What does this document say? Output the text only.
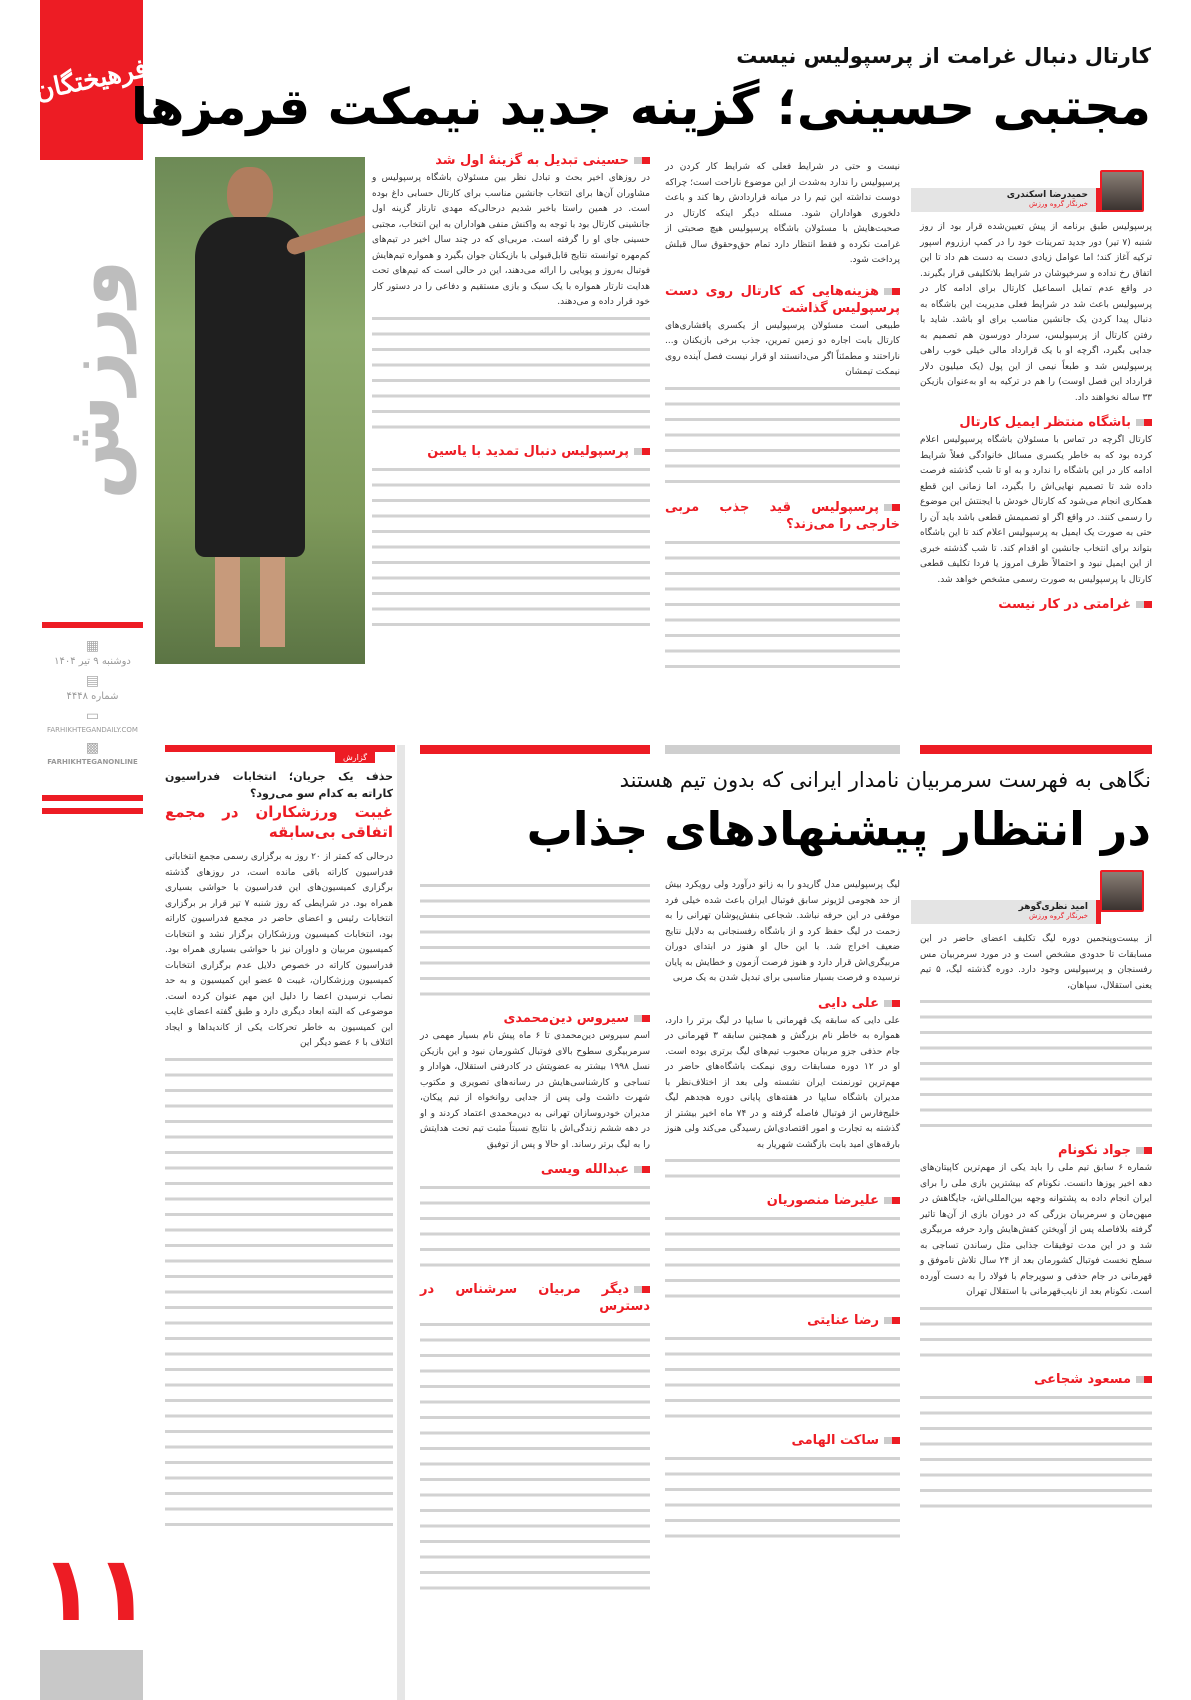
فرهیختگان
ورزش
▦
دوشنبه ۹ تیر ۱۴۰۴
▤
شماره ۴۴۴۸
▭
FARHIKHTEGANDAILY.COM
▩
FARHIKHTEGANONLINE
۱۱
کارتال دنبال غرامت از پرسپولیس نیست
مجتبی حسینی؛ گزینه جدید نیمکت قرمزها
حمیدرضا اسکندری
خبرنگار گروه ورزش

پرسپولیس طبق برنامه از پیش تعیین‌شده قرار بود از روز شنبه (۷ تیر) دور جدید تمرینات خود را در کمپ ارزروم اسپور ترکیه آغاز کند؛ اما عوامل زیادی دست به دست هم داد تا این اتفاق رخ نداده و سرخپوشان در شرایط بلاتکلیفی قرار بگیرند. در واقع عدم تمایل اسماعیل کارتال برای ادامه کار در پرسپولیس باعث شد در شرایط فعلی مدیریت این باشگاه به دنبال پیدا کردن یک جانشین مناسب برای او باشد. شاید با رفتن کارتال از پرسپولیس، سردار دورسون هم تصمیم به جدایی بگیرد، اگرچه او با یک قرارداد مالی خیلی خوب راهی پرسپولیس شد و طبعاً نیمی از این پول (یک میلیون دلار قرارداد این فصل اوست) را هم در ترکیه به او به‌عنوان بازیکن ۳۳ ساله نخواهند داد.

باشگاه منتظر ایمیل کارتال

کارتال اگرچه در تماس با مسئولان باشگاه پرسپولیس اعلام کرده بود که به خاطر یکسری مسائل خانوادگی فعلاً شرایط ادامه کار در این باشگاه را ندارد و به او تا شب گذشته فرصت داده شد تا تصمیم نهایی‌اش را بگیرد، اما زمانی این قطع همکاری انجام می‌شود که کارتال خودش با ایجنتش این موضوع را رسمی کنند. در واقع اگر او تصمیمش قطعی باشد باید آن را حتی به صورت یک ایمیل به پرسپولیس اعلام کند تا این باشگاه بتواند برای انتخاب جانشین او اقدام کند. تا شب گذشته خبری از این ایمیل نبود و احتمالاً ظرف امروز یا فردا تکلیف قطعی کارتال با پرسپولیس به صورت رسمی مشخص خواهد شد.

غرامتی در کار نیست

نیست و حتی در شرایط فعلی که شرایط کار کردن در پرسپولیس را ندارد به‌شدت از این موضوع ناراحت است؛ چراکه دوست نداشته این تیم را در میانه قراردادش رها کند و باعث دلخوری هواداران شود. مسئله دیگر اینکه کارتال در صحبت‌هایش با مسئولان باشگاه پرسپولیس هیچ صحبتی از غرامت نکرده و فقط انتظار دارد تمام حق‌وحقوق سال قبلش پرداخت شود.

هزینه‌هایی که کارتال روی دست پرسپولیس گذاشت

طبیعی است مسئولان پرسپولیس از یکسری پافشاری‌های کارتال بابت اجاره دو زمین تمرین، جذب برخی بازیکنان و... ناراحتند و مطمئناً اگر می‌دانستند او قرار نیست فصل آینده روی نیمکت تیمشان

پرسپولیس قید جذب مربی خارجی را می‌زند؟
حسینی تبدیل به گزینهٔ اول شد

در روزهای اخیر بحث و تبادل نظر بین مسئولان باشگاه پرسپولیس و مشاوران آن‌ها برای انتخاب جانشین مناسب برای کارتال حسابی داغ بوده است. در همین راستا باخبر شدیم درحالی‌که مهدی تارتار گزینه اول جانشینی کارتال بود با توجه به واکنش منفی هواداران به این انتخاب، مجتبی حسینی جای او را گرفته است. مربی‌ای که در چند سال اخیر در تیم‌های کم‌مهره توانسته نتایج قابل‌قبولی با بازیکنان جوان بگیرد و همواره تیم‌هایش فوتبال به‌روز و پویایی را ارائه می‌دهند، این در حالی است که تیم‌های تحت هدایت تارتار همواره با یک سبک و بازی مستقیم و دفاعی را در دستور کار خود قرار داده و می‌دهند.

پرسپولیس دنبال تمدید با یاسین
نگاهی به فهرست سرمربیان نامدار ایرانی که بدون تیم هستند
در انتظار پیشنهادهای جذاب
امید نظری‌گوهر
خبرنگار گروه ورزش

از بیست‌وپنجمین دوره لیگ تکلیف اعضای حاضر در این مسابقات تا حدودی مشخص است و در مورد سرمربیان مس رفسنجان و پرسپولیس وجود دارد. دوره گذشته لیگ، ۵ تیم یعنی استقلال، سپاهان،

جواد نکونام

شماره ۶ سابق تیم ملی را باید یکی از مهم‌ترین کاپیتان‌های دهه اخیر یوزها دانست. نکونام که بیشترین بازی ملی را برای ایران انجام داده به پشتوانه وجهه بین‌المللی‌اش، جایگاهش در میهن‌مان و سرمربیان بزرگی که در دوران بازی از آن‌ها تاثیر گرفته بلافاصله پس از آویختن کفش‌هایش وارد حرفه مربیگری شد و در این مدت توفیقات جذابی مثل رساندن تساجی به سطح نخست فوتبال کشورمان بعد از ۲۴ سال تلاش ناموفق و قهرمانی در جام حذفی و سوپرجام با فولاد را به دست آورده است. نکونام بعد از نایب‌قهرمانی با استقلال تهران

مسعود شجاعی

لیگ پرسپولیس مدل گاریدو را به زانو درآورد ولی رویکرد بیش از حد هجومی لژیونر سابق فوتبال ایران باعث شده خیلی فرد موفقی در این حرفه نباشد. شجاعی بنفش‌پوشان تهرانی را به زحمت در لیگ حفظ کرد و از باشگاه رفسنجانی به دلایل نتایج ضعیف اخراج شد. با این حال او هنوز در ابتدای دوران مربیگری‌اش قرار دارد و هنوز فرصت آزمون و خطایش به پایان نرسیده و فرصت بسیار مناسبی برای تبدیل شدن به یک مربی

علی دایی

علی دایی که سابقه یک قهرمانی با سایپا در لیگ برتر را دارد، همواره به خاطر نام بزرگش و همچنین سابقه ۳ قهرمانی در جام حذفی جزو مربیان محبوب تیم‌های لیگ برتری بوده است. او در ۱۲ دوره مسابقات روی نیمکت باشگاه‌های حاضر در مهم‌ترین تورنمنت ایران نشسته ولی بعد از اختلاف‌نظر با مدیران باشگاه سایپا در هفته‌های پایانی دوره هجدهم لیگ خلیج‌فارس از فوتبال فاصله گرفته و در ۷۴ ماه اخیر بیشتر از گذشته به تجارت و امور اقتصادی‌اش رسیدگی می‌کند ولی هنوز بارقه‌های امید بابت بازگشت شهریار به

علیرضا منصوریان
رضا عنایتی
ساکت الهامی
سیروس دین‌محمدی

اسم سیروس دین‌محمدی تا ۶ ماه پیش نام بسیار مهمی در سرمربیگری سطوح بالای فوتبال کشورمان نبود و این بازیکن نسل ۱۹۹۸ بیشتر به عضویتش در کادرفنی استقلال، هوادار و تساجی و کارشناسی‌هایش در رسانه‌های تصویری و مکتوب شهرت داشت ولی پس از جدایی روانخواه از تیم پیکان، مدیران خودروسازان تهرانی به دین‌محمدی اعتماد کردند و او در دهه ششم زندگی‌اش با نتایج نسبتاً مثبت تیم تحت هدایتش را به لیگ برتر رساند. او حالا و پس از توفیق

عبدالله ویسی
دیگر مربیان سرشناس در دسترس
گزارش
حذف یک جریان؛ انتخابات فدراسیون کاراته به کدام سو می‌رود؟
غیبت ورزشکاران در مجمع اتفاقی بی‌سابقه

درحالی که کمتر از ۲۰ روز به برگزاری رسمی مجمع انتخاباتی فدراسیون کاراته باقی مانده است، در روزهای گذشته برگزاری کمیسیون‌های این فدراسیون با حواشی بسیاری همراه بود. در شرایطی که روز شنبه ۷ تیر قرار بر برگزاری انتخابات رئیس و اعضای حاضر در مجمع فدراسیون کاراته بود، انتخابات کمیسیون ورزشکاران برگزار نشد و انتخابات کمیسیون مربیان و داوران نیز با حواشی بسیاری همراه بود. فدراسیون کاراته در خصوص دلایل عدم برگزاری انتخابات کمیسیون ورزشکاران، غیبت ۵ عضو این کمیسیون و به حد نصاب نرسیدن اعضا را دلیل این مهم عنوان کرده است. موضوعی که البته ابعاد دیگری دارد و طبق گفته اعضای غایب این کمیسیون به خاطر تحرکات یکی از کاندیداها و ایجاد ائتلاف با ۶ عضو دیگر این
